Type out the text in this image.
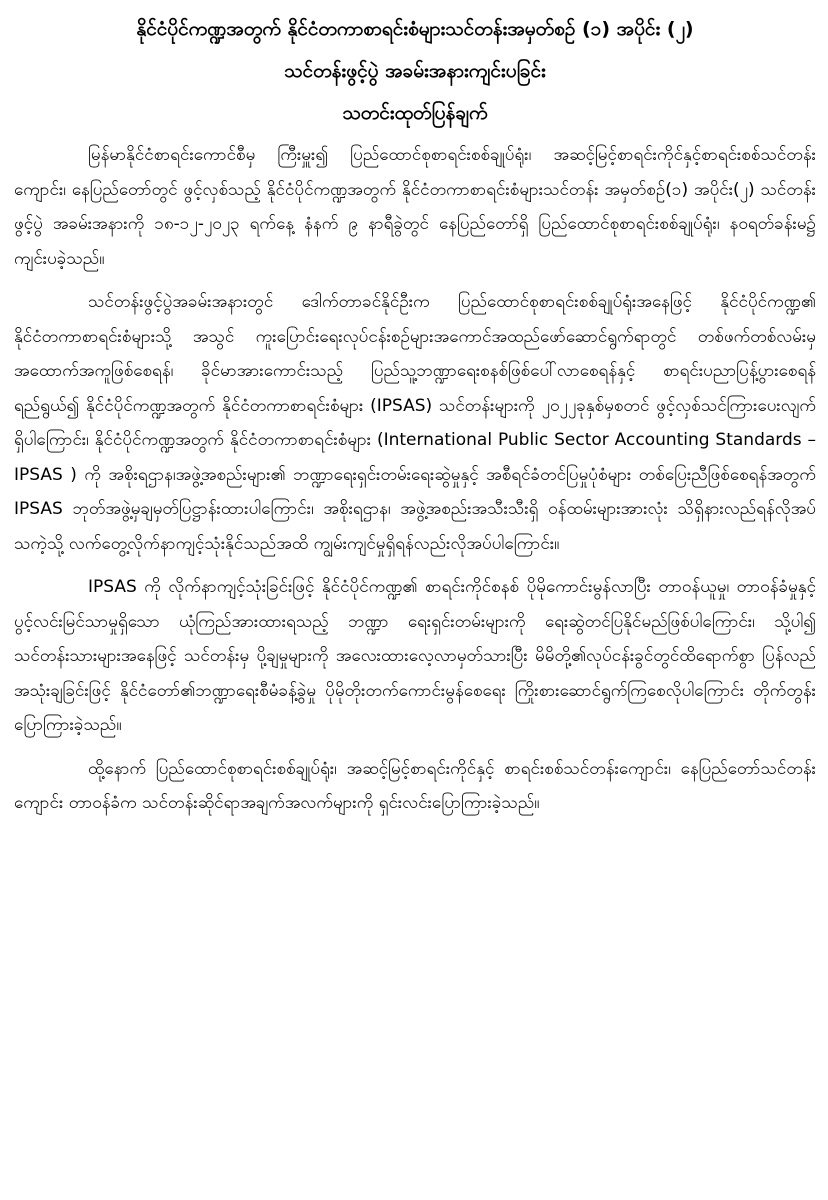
နိုင်ငံပိုင်ကဏ္ဍအတွက် နိုင်ငံတကာစာရင်းစံများသင်တန်းအမှတ်စဉ် (၁) အပိုင်း (၂)
သင်တန်းဖွင့်ပွဲ အခမ်းအနားကျင်းပခြင်း
သတင်းထုတ်ပြန်ချက်

မြန်မာနိုင်ငံစာရင်းကောင်စီမှ ကြီးမှူး၍ ပြည်ထောင်စုစာရင်းစစ်ချုပ်ရုံး၊ အဆင့်မြင့်စာရင်းကိုင်နှင့်စာရင်းစစ်သင်တန်းကျောင်း၊ နေပြည်တော်တွင် ဖွင့်လှစ်သည့် နိုင်ငံပိုင်ကဏ္ဍအတွက် နိုင်ငံတကာစာရင်းစံများသင်တန်း အမှတ်စဉ်(၁) အပိုင်း(၂) သင်တန်းဖွင့်ပွဲ အခမ်းအနားကို ၁၈-၁၂-၂၀၂၃ ရက်နေ့ နံနက် ၉ နာရီခွဲတွင် နေပြည်တော်ရှိ ပြည်ထောင်စုစာရင်းစစ်ချုပ်ရုံး၊ နဝရတ်ခန်းမ၌ ကျင်းပခဲ့သည်။

သင်တန်းဖွင့်ပွဲအခမ်းအနားတွင် ဒေါက်တာခင်နိုင်ဦးက ပြည်ထောင်စုစာရင်းစစ်ချုပ်ရုံးအနေဖြင့် နိုင်ငံပိုင်ကဏ္ဍ၏ နိုင်ငံတကာစာရင်းစံများသို့ အသွင် ကူးပြောင်းရေးလုပ်ငန်းစဉ်များအကောင်အထည်ဖော်ဆောင်ရွက်ရာတွင် တစ်ဖက်တစ်လမ်းမှ အထောက်အကူဖြစ်စေရန်၊ ခိုင်မာအားကောင်းသည့် ပြည်သူ့ဘဏ္ဍာရေးစနစ်ဖြစ်ပေါ်လာစေရန်နှင့် စာရင်းပညာပြန့်ပွားစေရန် ရည်ရွယ်၍ နိုင်ငံပိုင်ကဏ္ဍအတွက် နိုင်ငံတကာစာရင်းစံများ (IPSAS) သင်တန်းများကို ၂၀၂၂ခုနှစ်မှစတင် ဖွင့်လှစ်သင်ကြားပေးလျက်ရှိပါကြောင်း၊ နိုင်ငံပိုင်ကဏ္ဍအတွက် နိုင်ငံတကာစာရင်းစံများ (International Public Sector Accounting Standards – IPSAS ) ကို အစိုးရဌာန၊အဖွဲ့အစည်းများ၏ ဘဏ္ဍာရေးရှင်းတမ်းရေးဆွဲမှုနှင့် အစီရင်ခံတင်ပြမှုပုံစံများ တစ်ပြေးညီဖြစ်စေရန်အတွက် IPSAS ဘုတ်အဖွဲ့မှချမှတ်ပြဋ္ဌာန်းထားပါကြောင်း၊ အစိုးရဌာန၊ အဖွဲ့အစည်းအသီးသီးရှိ ဝန်ထမ်းများအားလုံး သိရှိနားလည်ရန်လိုအပ်သကဲ့သို့ လက်တွေ့လိုက်နာကျင့်သုံးနိုင်သည်အထိ ကျွမ်းကျင်မှုရှိရန်လည်းလိုအပ်ပါကြောင်း။

IPSAS ကို လိုက်နာကျင့်သုံးခြင်းဖြင့် နိုင်ငံပိုင်ကဏ္ဍ၏ စာရင်းကိုင်စနစ် ပိုမိုကောင်းမွန်လာပြီး တာဝန်ယူမှု၊ တာဝန်ခံမှုနှင့် ပွင့်လင်းမြင်သာမှုရှိသော ယုံကြည်အားထားရသည့် ဘဏ္ဍာ ရေးရှင်းတမ်းများကို ရေးဆွဲတင်ပြနိုင်မည်ဖြစ်ပါကြောင်း၊ သို့ပါ၍ သင်တန်းသားများအနေဖြင့် သင်တန်းမှ ပို့ချမှုများကို အလေးထားလေ့လာမှတ်သားပြီး မိမိတို့၏လုပ်ငန်းခွင်တွင်ထိရောက်စွာ ပြန်လည်အသုံးချခြင်းဖြင့် နိုင်ငံတော်၏ဘဏ္ဍာရေးစီမံခန့်ခွဲမှု ပိုမိုတိုးတက်ကောင်းမွန်စေရေး ကြိုးစားဆောင်ရွက်ကြစေလိုပါကြောင်း တိုက်တွန်းပြောကြားခဲ့သည်။

ထို့နောက် ပြည်ထောင်စုစာရင်းစစ်ချုပ်ရုံး၊ အဆင့်မြင့်စာရင်းကိုင်နှင့် စာရင်းစစ်သင်တန်းကျောင်း၊ နေပြည်တော်သင်တန်းကျောင်း တာဝန်ခံက သင်တန်းဆိုင်ရာအချက်အလက်များကို ရှင်းလင်းပြောကြားခဲ့သည်။
